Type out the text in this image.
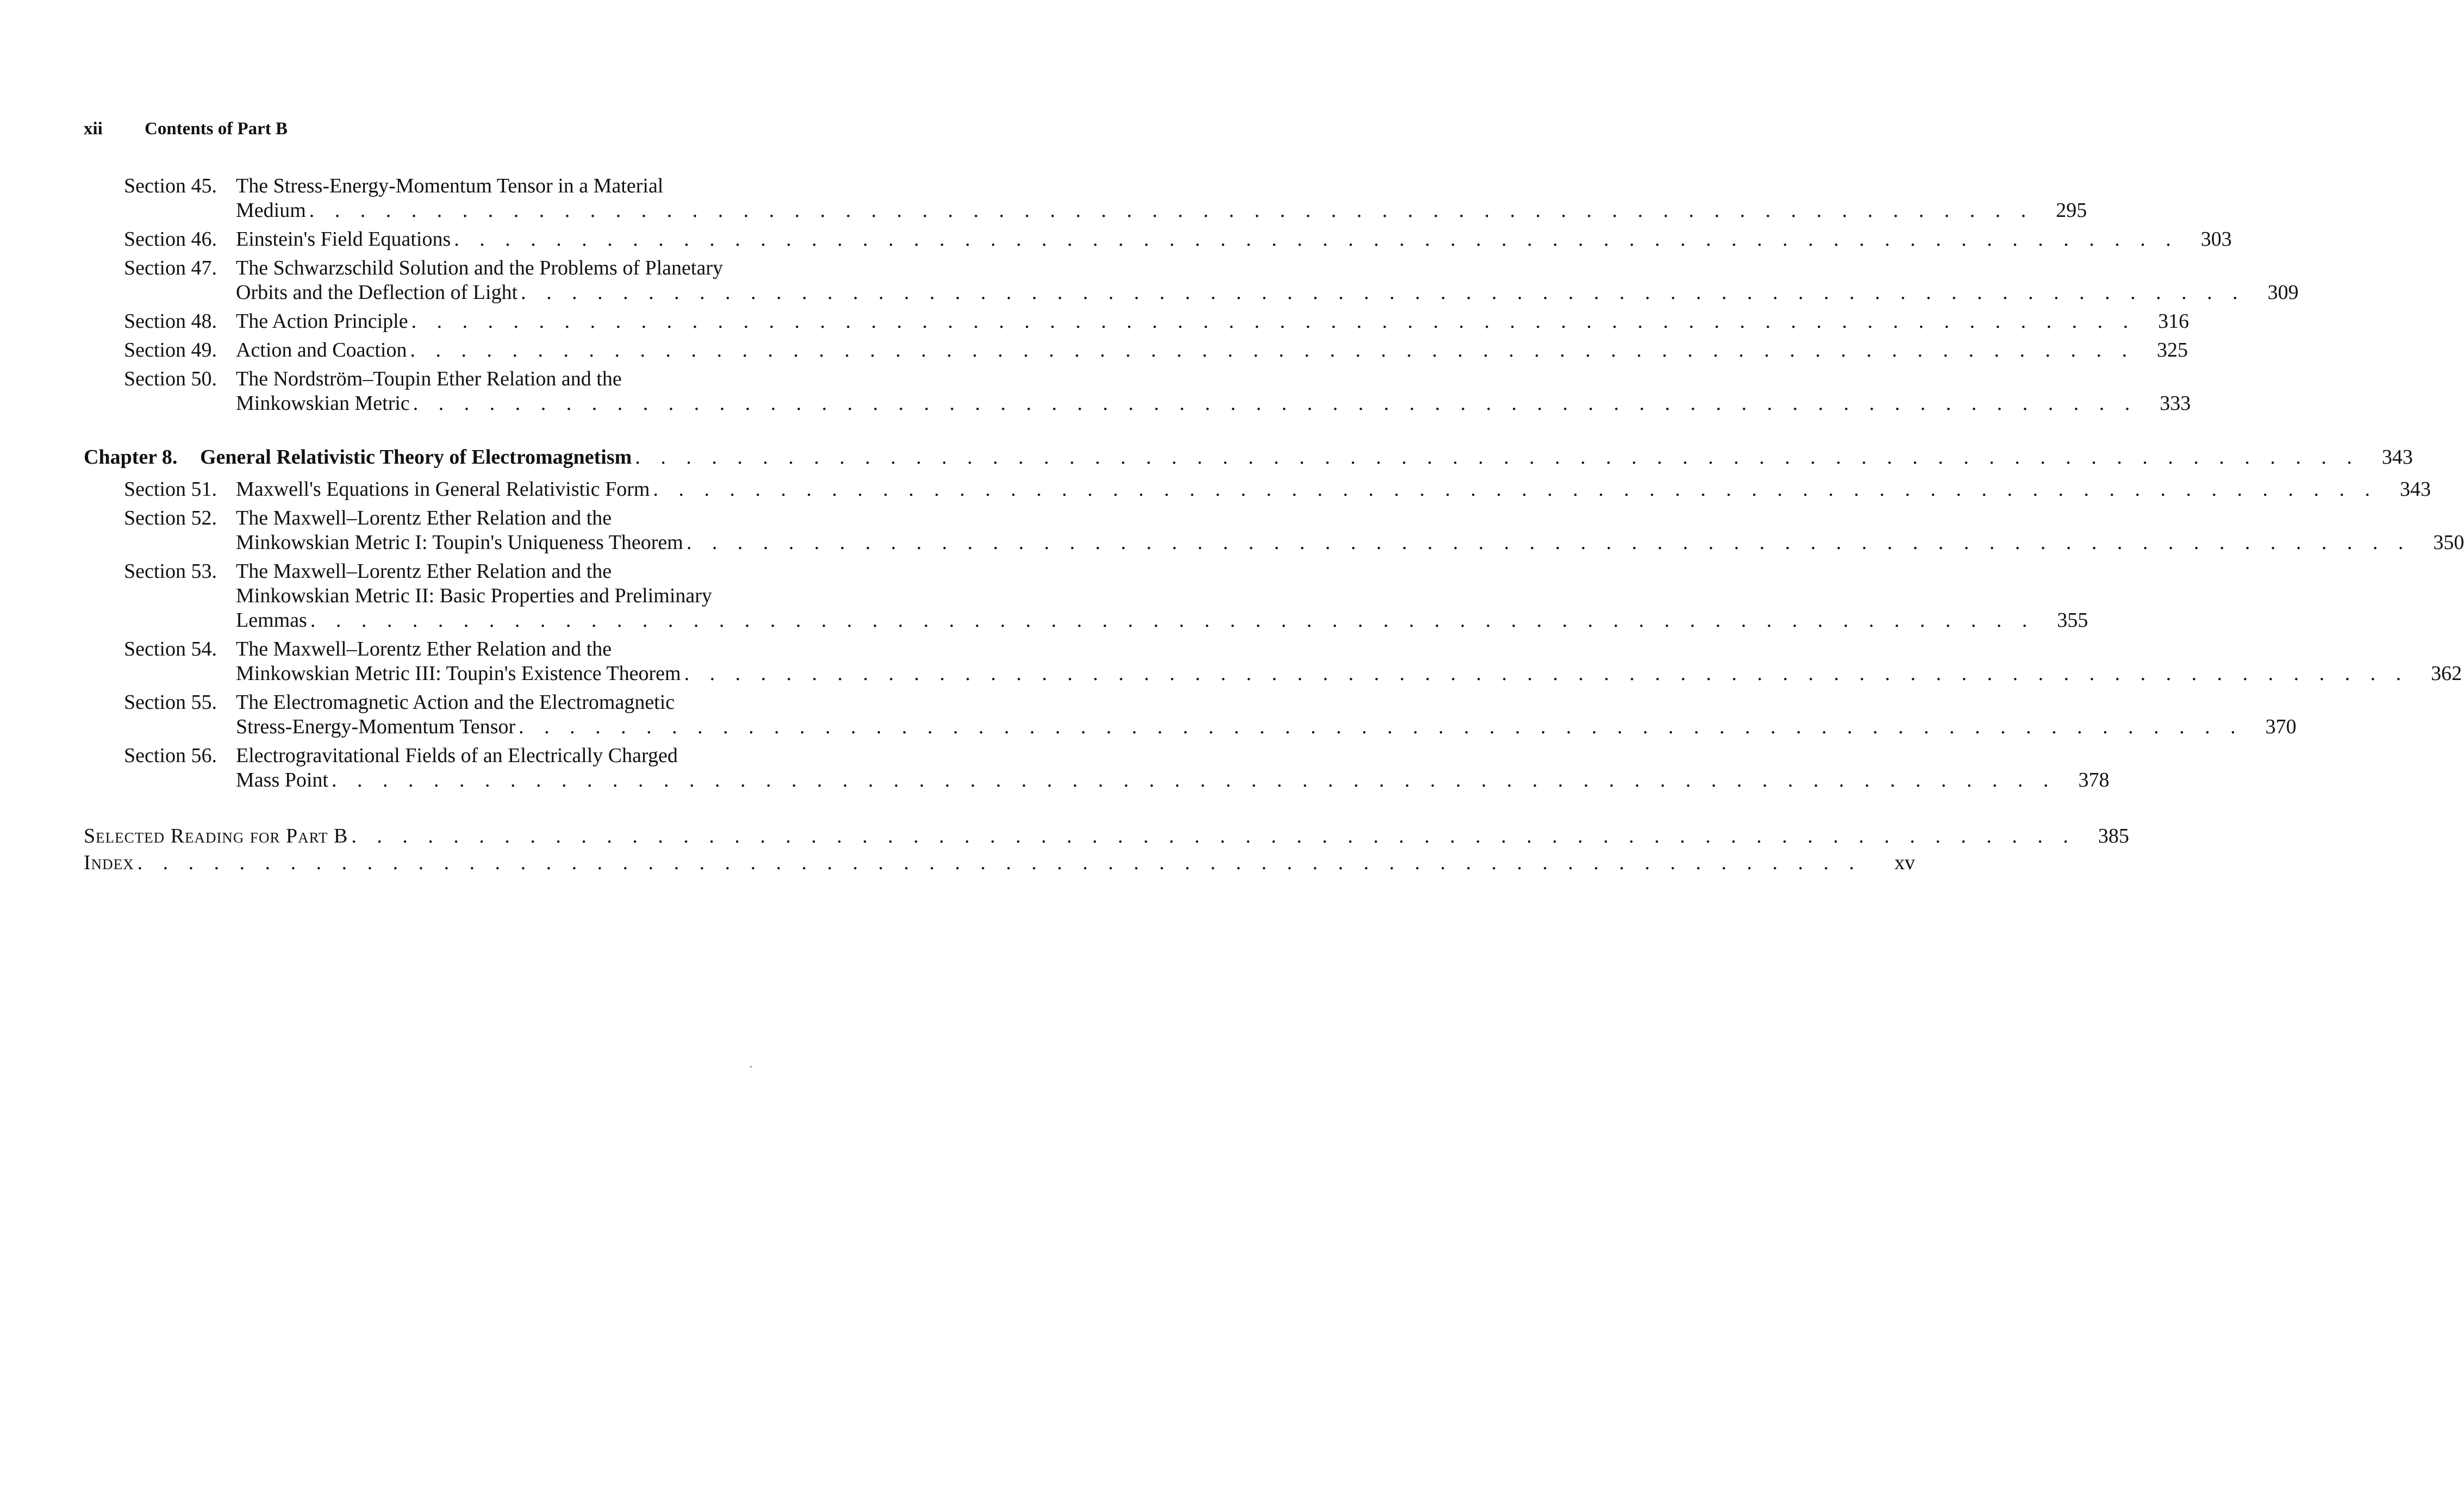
xii Contents of Part B
Section 45. The Stress-Energy-Momentum Tensor in a Material
Medium . . . . . . . . . . . . . . . . . . . . . . . . . . . . . . . . . . . . . . . . . . . . . . . . . . . . . . . . . . . . . . . . . . . .	295
Section 46. Einstein's Field Equations . . . . . . . . . . . . . . . . . . . . . . . . . . . . . . . . . . . . . . . . . . . . . . . . . . . . . . . . . . . . . . . . . . . .	303
Section 47. The Schwarzschild Solution and the Problems of Planetary
Orbits and the Deflection of Light . . . . . . . . . . . . . . . . . . . . . . . . . . . . . . . . . . . . . . . . . . . . . . . . . . . . . . . . . . . . . . . . . . . .	309
Section 48. The Action Principle . . . . . . . . . . . . . . . . . . . . . . . . . . . . . . . . . . . . . . . . . . . . . . . . . . . . . . . . . . . . . . . . . . . .	316
Section 49. Action and Coaction . . . . . . . . . . . . . . . . . . . . . . . . . . . . . . . . . . . . . . . . . . . . . . . . . . . . . . . . . . . . . . . . . . . .	325
Section 50. The Nordström–Toupin Ether Relation and the
Minkowskian Metric . . . . . . . . . . . . . . . . . . . . . . . . . . . . . . . . . . . . . . . . . . . . . . . . . . . . . . . . . . . . . . . . . . . .	333
Chapter 8. General Relativistic Theory of Electromagnetism . . . . . . . . . . . . . . . . . . . . . . . . . . . . . . . . . . . . . . . . . . . . . . . . . . . . . . . . . . . . . . . . . . . .	343
Section 51. Maxwell's Equations in General Relativistic Form . . . . . . . . . . . . . . . . . . . . . . . . . . . . . . . . . . . . . . . . . . . . . . . . . . . . . . . . . . . . . . . . . . . .	343
Section 52. The Maxwell–Lorentz Ether Relation and the
Minkowskian Metric I: Toupin's Uniqueness Theorem . . . . . . . . . . . . . . . . . . . . . . . . . . . . . . . . . . . . . . . . . . . . . . . . . . . . . . . . . . . . . . . . . . . .	350
Section 53. The Maxwell–Lorentz Ether Relation and the
Minkowskian Metric II: Basic Properties and Preliminary
Lemmas . . . . . . . . . . . . . . . . . . . . . . . . . . . . . . . . . . . . . . . . . . . . . . . . . . . . . . . . . . . . . . . . . . . .	355
Section 54. The Maxwell–Lorentz Ether Relation and the
Minkowskian Metric III: Toupin's Existence Theorem . . . . . . . . . . . . . . . . . . . . . . . . . . . . . . . . . . . . . . . . . . . . . . . . . . . . . . . . . . . . . . . . . . . .	362
Section 55. The Electromagnetic Action and the Electromagnetic
Stress-Energy-Momentum Tensor . . . . . . . . . . . . . . . . . . . . . . . . . . . . . . . . . . . . . . . . . . . . . . . . . . . . . . . . . . . . . . . . . . . .	370
Section 56. Electrogravitational Fields of an Electrically Charged
Mass Point . . . . . . . . . . . . . . . . . . . . . . . . . . . . . . . . . . . . . . . . . . . . . . . . . . . . . . . . . . . . . . . . . . . .	378
Selected Reading for Part B . . . . . . . . . . . . . . . . . . . . . . . . . . . . . . . . . . . . . . . . . . . . . . . . . . . . . . . . . . . . . . . . . . . .	385
Index . . . . . . . . . . . . . . . . . . . . . . . . . . . . . . . . . . . . . . . . . . . . . . . . . . . . . . . . . . . . . . . . . . . .	xv
